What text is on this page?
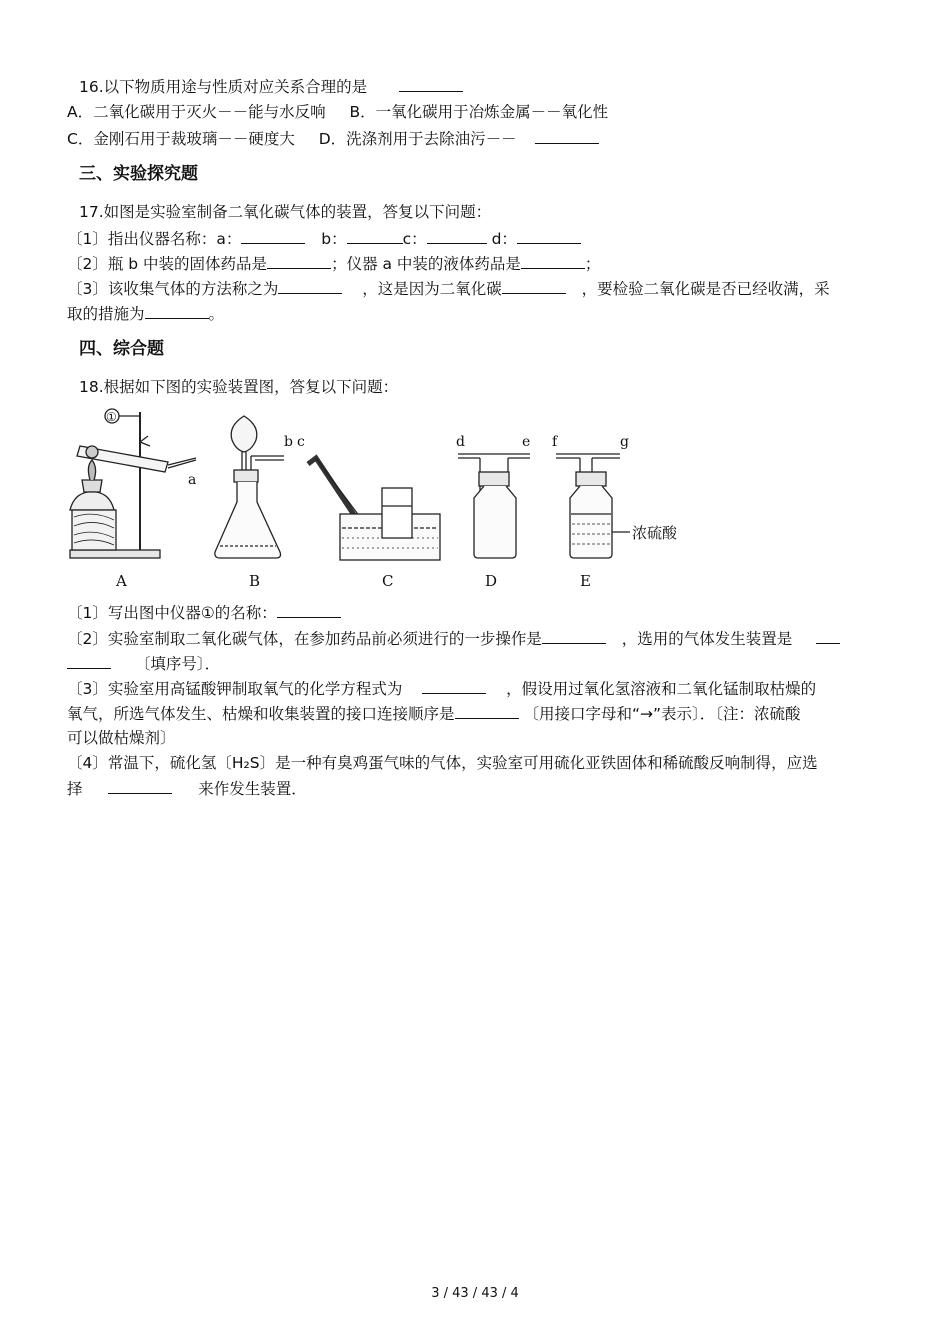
16.以下物质用途与性质对应关系合理的是
A．二氧化碳用于灭火－－能与水反响 B．一氧化碳用于冶炼金属－－氧化性
C．金刚石用于裁玻璃－－硬度大 D．洗涤剂用于去除油污－－
三、实验探究题
17.如图是实验室制备二氧化碳气体的装置，答复以下问题：
〔1〕指出仪器名称：a：	b：	c：	d：
〔2〕瓶 b 中装的固体药品是	；仪器 a 中装的液体药品是	；
〔3〕该收集气体的方法称之为	，这是因为二氧化碳	，要检验二氧化碳是否已经收满，采
取的措施为	。
四、综合题
18.根据如下图的实验装置图，答复以下问题：
①
a
b c	d	e f	g
浓硫酸
A	B	C	D	E
〔1〕写出图中仪器①的名称：
〔2〕实验室制取二氧化碳气体，在参加药品前必须进行的一步操作是	，选用的气体发生装置是
〔填序号〕．
〔3〕实验室用高锰酸钾制取氧气的化学方程式为	，假设用过氧化氢溶液和二氧化锰制取枯燥的
氧气，所选气体发生、枯燥和收集装置的接口连接顺序是	〔用接口字母和“→”表示〕．〔注：浓硫酸
可以做枯燥剂〕
〔4〕常温下，硫化氢〔H₂S〕是一种有臭鸡蛋气味的气体，实验室可用硫化亚铁固体和稀硫酸反响制得，应选
择	来作发生装置．
3 / 43 / 43 / 4
